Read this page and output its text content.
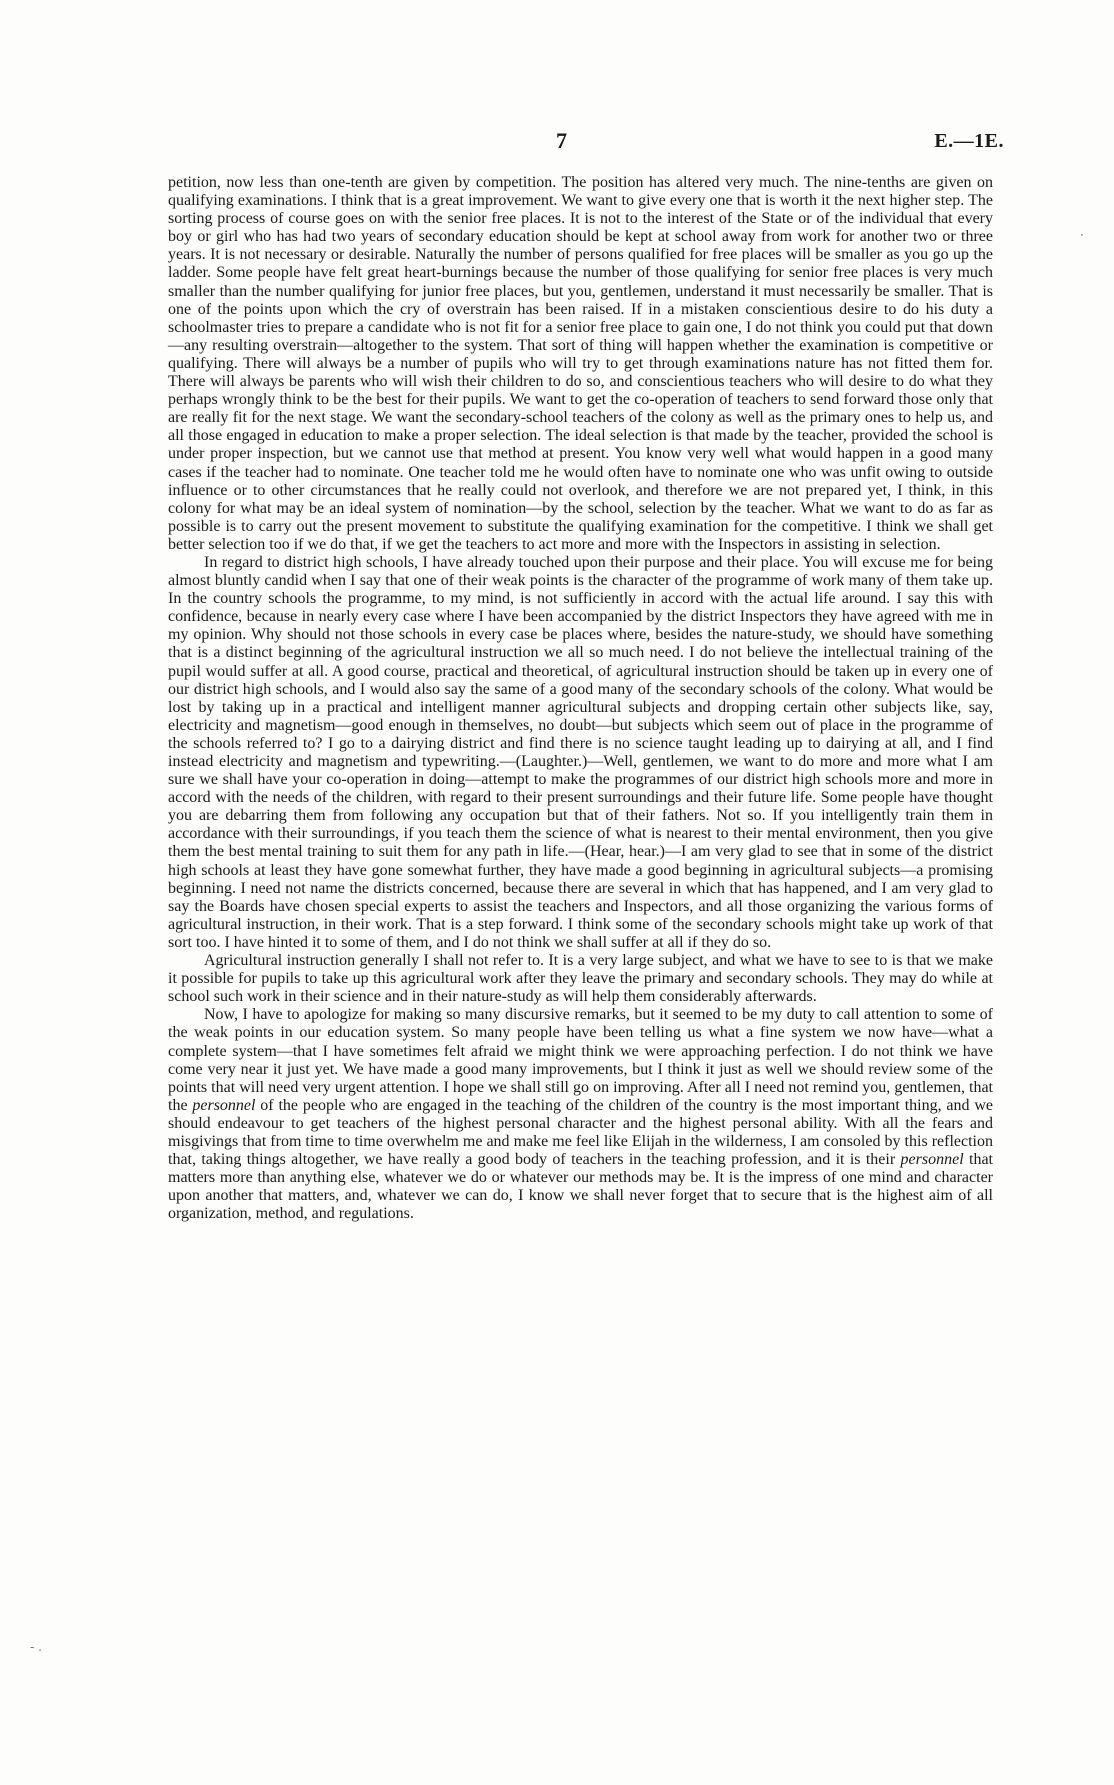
7	E.—1E.

petition, now less than one-tenth are given by competition. The position has altered very much. The nine-tenths are given on qualifying examinations. I think that is a great improvement. We want to give every one that is worth it the next higher step. The sorting process of course goes on with the senior free places. It is not to the interest of the State or of the individual that every boy or girl who has had two years of secondary education should be kept at school away from work for another two or three years. It is not necessary or desirable. Naturally the number of persons qualified for free places will be smaller as you go up the ladder. Some people have felt great heart-burnings because the number of those qualifying for senior free places is very much smaller than the number qualifying for junior free places, but you, gentlemen, understand it must necessarily be smaller. That is one of the points upon which the cry of overstrain has been raised. If in a mistaken conscientious desire to do his duty a schoolmaster tries to prepare a candidate who is not fit for a senior free place to gain one, I do not think you could put that down—any resulting overstrain—altogether to the system. That sort of thing will happen whether the examination is competitive or qualifying. There will always be a number of pupils who will try to get through examinations nature has not fitted them for. There will always be parents who will wish their children to do so, and conscientious teachers who will desire to do what they perhaps wrongly think to be the best for their pupils. We want to get the co-operation of teachers to send forward those only that are really fit for the next stage. We want the secondary-school teachers of the colony as well as the primary ones to help us, and all those engaged in education to make a proper selection. The ideal selection is that made by the teacher, provided the school is under proper inspection, but we cannot use that method at present. You know very well what would happen in a good many cases if the teacher had to nominate. One teacher told me he would often have to nominate one who was unfit owing to outside influence or to other circumstances that he really could not overlook, and therefore we are not prepared yet, I think, in this colony for what may be an ideal system of nomination—by the school, selection by the teacher. What we want to do as far as possible is to carry out the present movement to substitute the qualifying examination for the competitive. I think we shall get better selection too if we do that, if we get the teachers to act more and more with the Inspectors in assisting in selection.

In regard to district high schools, I have already touched upon their purpose and their place. You will excuse me for being almost bluntly candid when I say that one of their weak points is the character of the programme of work many of them take up. In the country schools the programme, to my mind, is not sufficiently in accord with the actual life around. I say this with confidence, because in nearly every case where I have been accompanied by the district Inspectors they have agreed with me in my opinion. Why should not those schools in every case be places where, besides the nature-study, we should have something that is a distinct beginning of the agricultural instruction we all so much need. I do not believe the intellectual training of the pupil would suffer at all. A good course, practical and theoretical, of agricultural instruction should be taken up in every one of our district high schools, and I would also say the same of a good many of the secondary schools of the colony. What would be lost by taking up in a practical and intelligent manner agricultural subjects and dropping certain other subjects like, say, electricity and magnetism—good enough in themselves, no doubt—but subjects which seem out of place in the programme of the schools referred to? I go to a dairying district and find there is no science taught leading up to dairying at all, and I find instead electricity and magnetism and typewriting.—(Laughter.)—Well, gentlemen, we want to do more and more what I am sure we shall have your co-operation in doing—attempt to make the programmes of our district high schools more and more in accord with the needs of the children, with regard to their present surroundings and their future life. Some people have thought you are debarring them from following any occupation but that of their fathers. Not so. If you intelligently train them in accordance with their surroundings, if you teach them the science of what is nearest to their mental environment, then you give them the best mental training to suit them for any path in life.—(Hear, hear.)—I am very glad to see that in some of the district high schools at least they have gone somewhat further, they have made a good beginning in agricultural subjects—a promising beginning. I need not name the districts concerned, because there are several in which that has happened, and I am very glad to say the Boards have chosen special experts to assist the teachers and Inspectors, and all those organizing the various forms of agricultural instruction, in their work. That is a step forward. I think some of the secondary schools might take up work of that sort too. I have hinted it to some of them, and I do not think we shall suffer at all if they do so.

Agricultural instruction generally I shall not refer to. It is a very large subject, and what we have to see to is that we make it possible for pupils to take up this agricultural work after they leave the primary and secondary schools. They may do while at school such work in their science and in their nature-study as will help them considerably afterwards.

Now, I have to apologize for making so many discursive remarks, but it seemed to be my duty to call attention to some of the weak points in our education system. So many people have been telling us what a fine system we now have—what a complete system—that I have sometimes felt afraid we might think we were approaching perfection. I do not think we have come very near it just yet. We have made a good many improvements, but I think it just as well we should review some of the points that will need very urgent attention. I hope we shall still go on improving. After all I need not remind you, gentlemen, that the personnel of the people who are engaged in the teaching of the children of the country is the most important thing, and we should endeavour to get teachers of the highest personal character and the highest personal ability. With all the fears and misgivings that from time to time overwhelm me and make me feel like Elijah in the wilderness, I am consoled by this reflection that, taking things altogether, we have really a good body of teachers in the teaching profession, and it is their personnel that matters more than anything else, whatever we do or whatever our methods may be. It is the impress of one mind and character upon another that matters, and, whatever we can do, I know we shall never forget that to secure that is the highest aim of all organization, method, and regulations.

·
- .
